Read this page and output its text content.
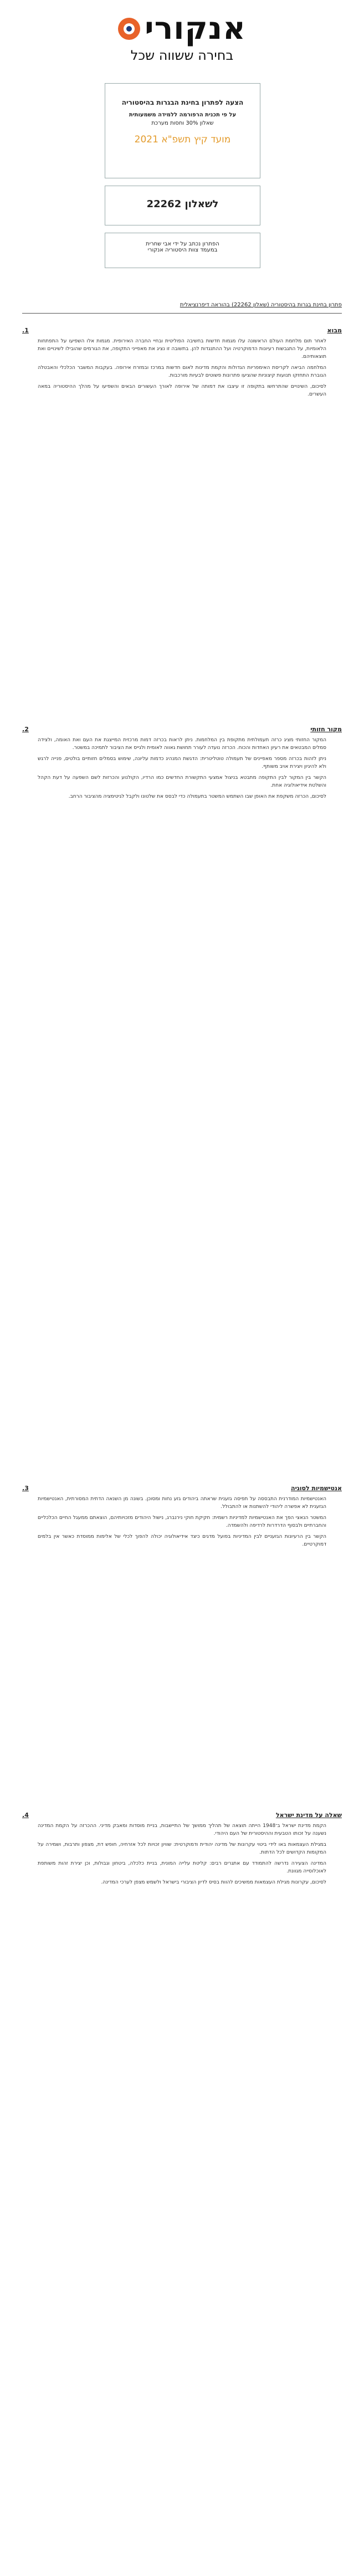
אנקורי
בחירה ששווה שכל
הצעה לפתרון בחינת הבגרות בהיסטוריה
על פי תכנית הרפורמה ללמידה משמעותית
שאלון 30% וחסות מערכת
מועד קיץ תשפ"א 2021
לשאלון 22262
הפתרון נכתב על ידי אבי שחרית
במעמד צוות היסטוריה אנקורי
פתרון בחינת בגרות בהיסטוריה (שאלון 22262) בהוראה דיפרנציאלית
מבוא
1.

לאחר תום מלחמת העולם הראשונה עלו מגמות חדשות בחשיבה הפוליטית ובחיי החברה האירופית. מגמות אלו השפיעו על התפתחות הלאומיות, על התגבשות רעיונות הדמוקרטיה ועל ההתנגדות להן. בתשובה זו נציג את מאפייני התקופה, את הגורמים שהובילו לשינויים ואת תוצאותיהם.

המלחמה הביאה לקריסת האימפריות הגדולות והקמת מדינות לאום חדשות במרכז ובמזרח אירופה. בעקבות המשבר הכלכלי והאבטלה הגוברת התחזקו תנועות קיצוניות שהציעו פתרונות פשוטים לבעיות מורכבות.

לסיכום, השינויים שהתרחשו בתקופה זו עיצבו את דמותה של אירופה לאורך העשורים הבאים והשפיעו על מהלך ההיסטוריה במאה העשרים.

מקור חזותי
2.

המקור החזותי מציג כרזה תעמולתית מתקופת בין המלחמות. ניתן לראות בכרזה דמות מרכזית המייצגת את העם ואת האומה, ולצידה סמלים המבטאים את רעיון האחדות והכוח. הכרזה נועדה לעורר תחושת גאווה לאומית ולגייס את הציבור לתמיכה במשטר.

ניתן לזהות בכרזה מספר מאפיינים של תעמולה טוטליטרית: הדגשת המנהיג כדמות עליונה, שימוש בסמלים חזותיים בולטים, פנייה לרגש ולא להיגיון ויצירת אויב משותף.

הקשר בין המקור לבין התקופה מתבטא בניצול אמצעי התקשורת החדשים כמו הרדיו, הקולנוע והכרזות לשם השפעה על דעת הקהל והשלטת אידיאולוגיה אחת.

לסיכום, הכרזה משקפת את האופן שבו השתמש המשטר בתעמולה כדי לבסס את שלטונו ולקבל לגיטימציה מהציבור הרחב.

אנטישמיות לסוגיה
3.

האנטישמיות המודרנית התבססה על תפיסה גזענית שראתה ביהודים גזע נחות ומסוכן. בשונה מן השנאה הדתית המסורתית, האנטישמיות הגזענית לא אפשרה ליהודי להשתנות או להתבולל.

המשטר הנאצי הפך את האנטישמיות למדיניות רשמית: חקיקת חוקי נירנברג, נישול היהודים מזכויותיהם, הוצאתם ממעגל החיים הכלכליים והחברתיים ולבסוף הדרדרות לרדיפה ולהשמדה.

הקשר בין הרעיונות הגזעניים לבין המדיניות בפועל מדגים כיצד אידיאולוגיה יכולה להפוך לכלי של אלימות ממוסדת כאשר אין בלמים דמוקרטיים.

שאלה על מדינת ישראל
4.

הקמת מדינת ישראל ב־1948 הייתה תוצאה של תהליך ממושך של התיישבות, בניית מוסדות ומאבק מדיני. ההכרזה על הקמת המדינה נשענה על זכותו הטבעית וההיסטורית של העם היהודי.

במגילת העצמאות באו לידי ביטוי עקרונות של מדינה יהודית ודמוקרטית: שוויון זכויות לכל אזרחיה, חופש דת, מצפון ותרבות, ושמירה על המקומות הקדושים לכל הדתות.

המדינה הצעירה נדרשה להתמודד עם אתגרים רבים: קליטת עלייה המונית, בניית כלכלה, ביטחון וגבולות, וכן יצירת זהות משותפת לאוכלוסייה מגוונת.

לסיכום, עקרונות מגילת העצמאות ממשיכים להוות בסיס לדיון הציבורי בישראל ולשמש מצפן לערכי המדינה.
